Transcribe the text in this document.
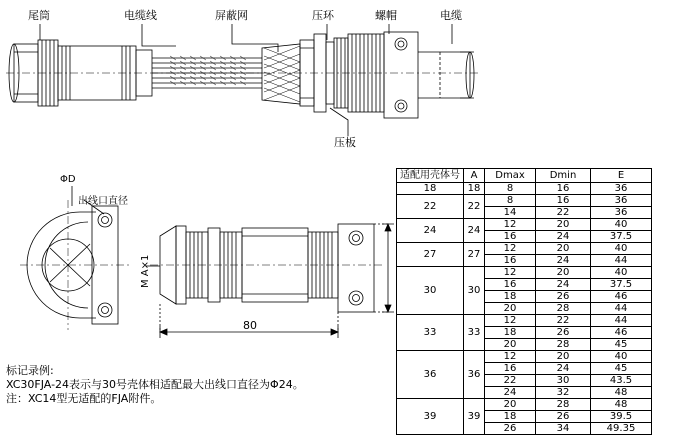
尾筒	电缆线	屏蔽网	压环	螺帽	电缆
压板
ΦD
出线口直径
M A×1
80
适配用壳体号	A	Dmax	Dmin	E
18	18	8	16	36
22	22	8	16	36
		14	22	36
24	24	12	20	40
		16	24	37.5
27	27	12	20	40
		16	24	44
30	30	12	20	40
		16	24	37.5
		18	26	46
		20	28	44
33	33	12	22	44
		18	26	46
		20	28	45
36	36	12	20	40
		16	24	45
		22	30	43.5
		24	32	48
39	39	20	28	48
		18	26	39.5
		26	34	49.35
标记录例:
XC30FJA-24表示与30号壳体相适配最大出线口直径为Φ24。
注：XC14型无适配的FJA附件。
